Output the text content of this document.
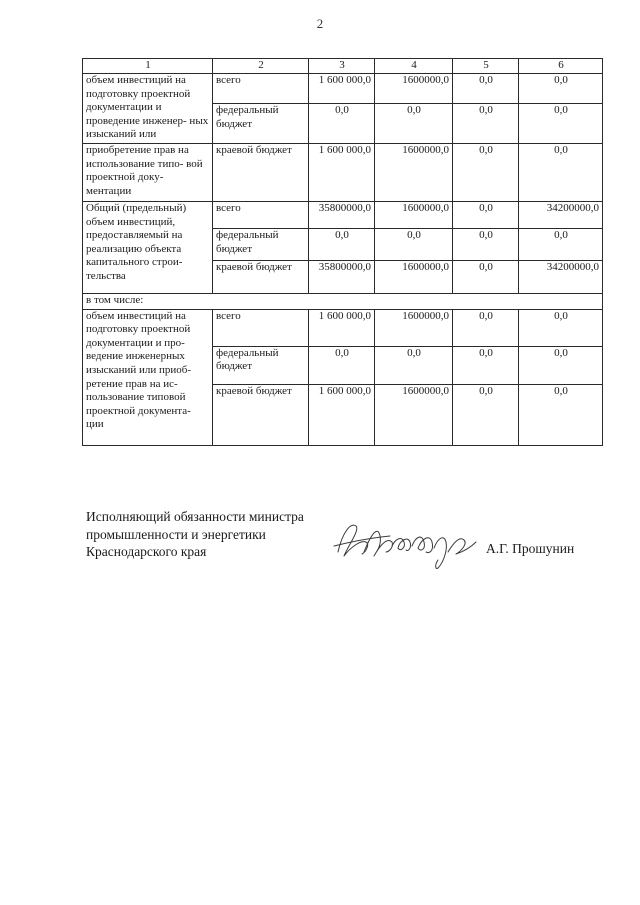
2
1	2	3	4	5	6
объем инвестиций на подготовку проектной документации и проведение инженер- ных изысканий или	всего	1 600 000,0	1600000,0	0,0	0,0
	федеральный бюджет	0,0	0,0	0,0	0,0
приобретение прав на использование типо- вой проектной доку- ментации	краевой бюджет	1 600 000,0	1600000,0	0,0	0,0
Общий (предельный) объем инвестиций, предоставляемый на реализацию объекта капитального строи- тельства	всего	35800000,0	1600000,0	0,0	34200000,0
	федеральный бюджет	0,0	0,0	0,0	0,0
	краевой бюджет	35800000,0	1600000,0	0,0	34200000,0
в том числе:					
объем инвестиций на подготовку проектной документации и про- ведение инженерных изысканий или приоб- ретение прав на ис- пользование типовой проектной документа- ции	всего	1 600 000,0	1600000,0	0,0	0,0
	федеральный бюджет	0,0	0,0	0,0	0,0
	краевой бюджет	1 600 000,0	1600000,0	0,0	0,0
Исполняющий обязанности министра
промышленности и энергетики
Краснодарского края	А.Г. Прошунин
